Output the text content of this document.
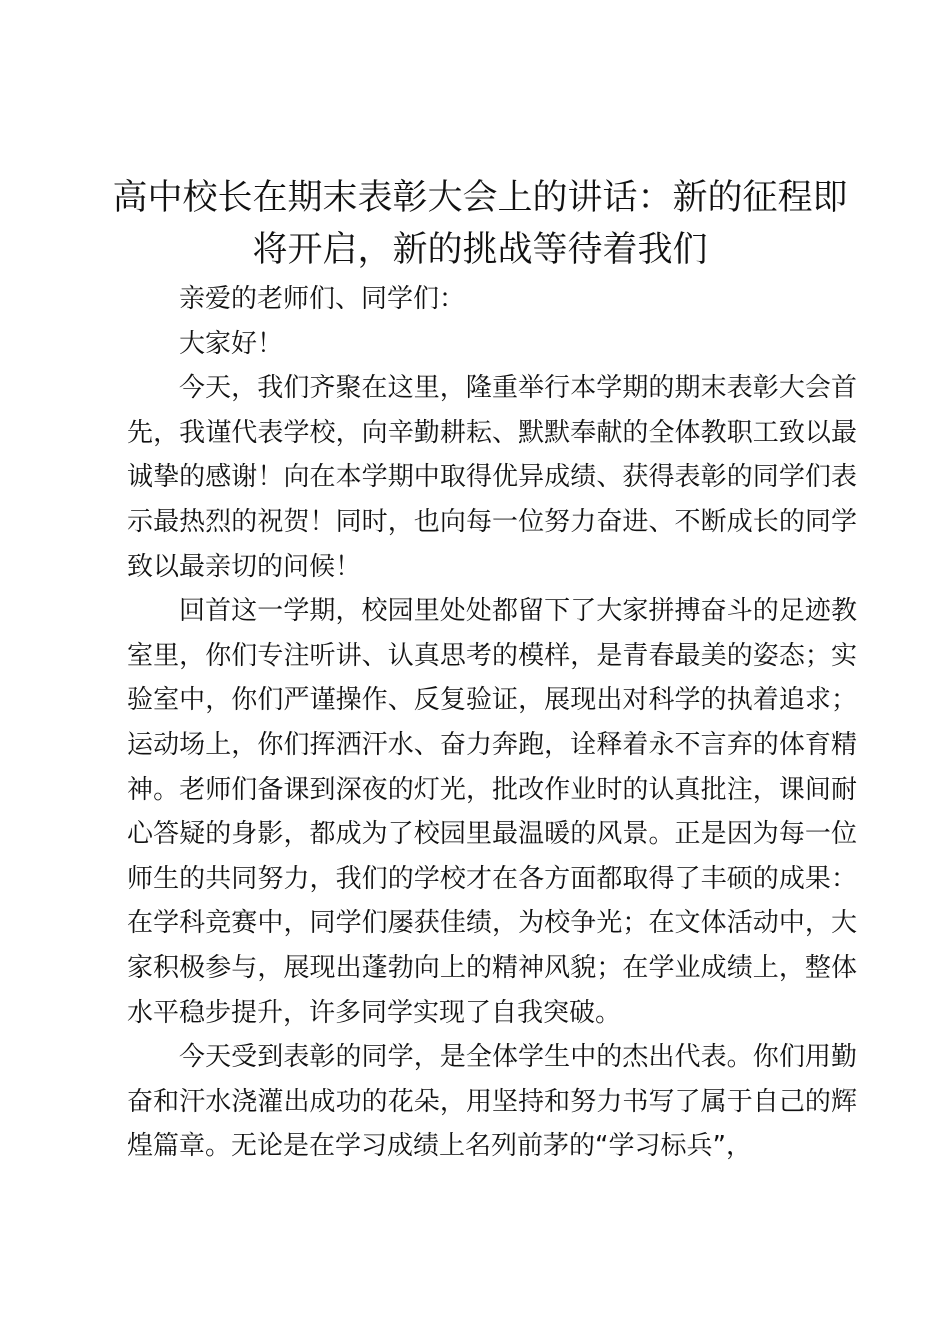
高中校长在期末表彰大会上的讲话：新的征程即将开启，新的挑战等待着我们

亲爱的老师们、同学们：

大家好！

今天，我们齐聚在这里，隆重举行本学期的期末表彰大会首先，我谨代表学校，向辛勤耕耘、默默奉献的全体教职工致以最诚挚的感谢！向在本学期中取得优异成绩、获得表彰的同学们表示最热烈的祝贺！同时，也向每一位努力奋进、不断成长的同学致以最亲切的问候！

回首这一学期，校园里处处都留下了大家拼搏奋斗的足迹教室里，你们专注听讲、认真思考的模样，是青春最美的姿态；实验室中，你们严谨操作、反复验证，展现出对科学的执着追求；运动场上，你们挥洒汗水、奋力奔跑，诠释着永不言弃的体育精神。老师们备课到深夜的灯光，批改作业时的认真批注，课间耐心答疑的身影，都成为了校园里最温暖的风景。正是因为每一位师生的共同努力，我们的学校才在各方面都取得了丰硕的成果：在学科竞赛中，同学们屡获佳绩，为校争光；在文体活动中，大家积极参与，展现出蓬勃向上的精神风貌；在学业成绩上，整体水平稳步提升，许多同学实现了自我突破。

今天受到表彰的同学，是全体学生中的杰出代表。你们用勤奋和汗水浇灌出成功的花朵，用坚持和努力书写了属于自己的辉煌篇章。无论是在学习成绩上名列前茅的“学习标兵”，
